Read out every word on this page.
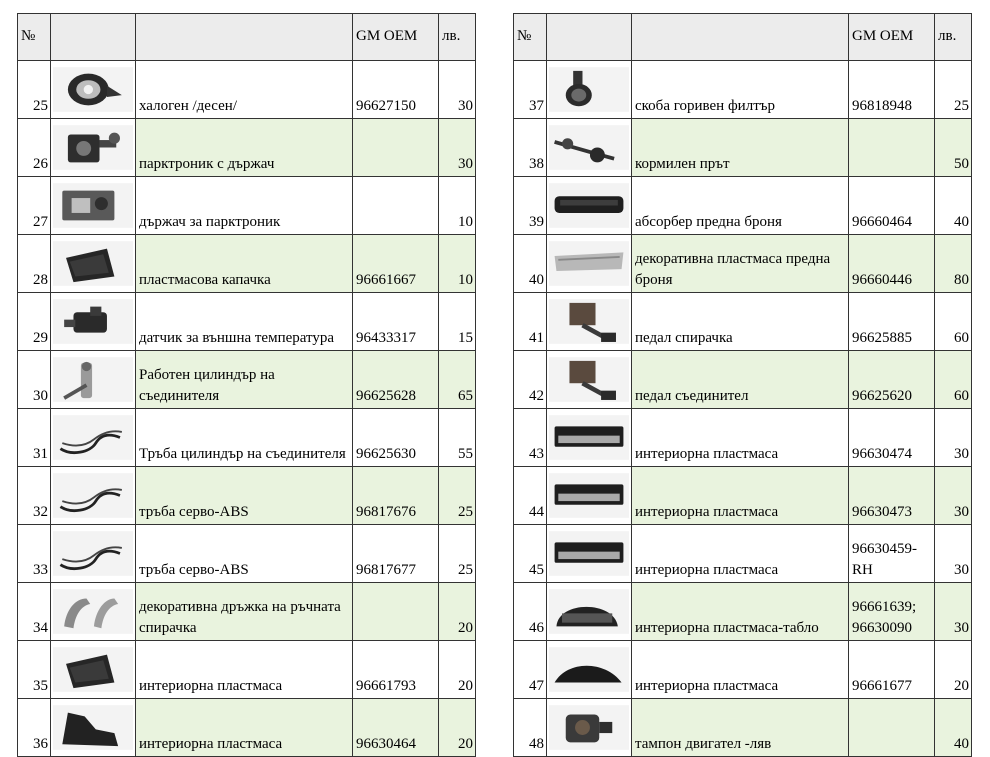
№			GM OEM	лв.
25		халоген /десен/	96627150	30
26		парктроник с държач		30
27		държач за парктроник		10
28		пластмасова капачка	96661667	10
29		датчик за външна температура	96433317	15
30		Работен цилиндър на съединителя	96625628	65
31		Тръба цилиндър на съединителя	96625630	55
32		тръба серво-ABS	96817676	25
33		тръба серво-ABS	96817677	25
34		декоративна дръжка на ръчната спирачка		20
35		интериорна пластмаса	96661793	20
36		интериорна пластмаса	96630464	20
№			GM OEM	лв.
37		скоба горивен филтър	96818948	25
38		кормилен прът		50
39		абсорбер предна броня	96660464	40
40		декоративна пластмаса предна броня	96660446	80
41		педал спирачка	96625885	60
42		педал съединител	96625620	60
43		интериорна пластмаса	96630474	30
44		интериорна пластмаса	96630473	30
45		интериорна пластмаса	96630459-RH	30
46		интериорна пластмаса-табло	96661639; 96630090	30
47		интериорна пластмаса	96661677	20
48		тампон двигател -ляв		40
